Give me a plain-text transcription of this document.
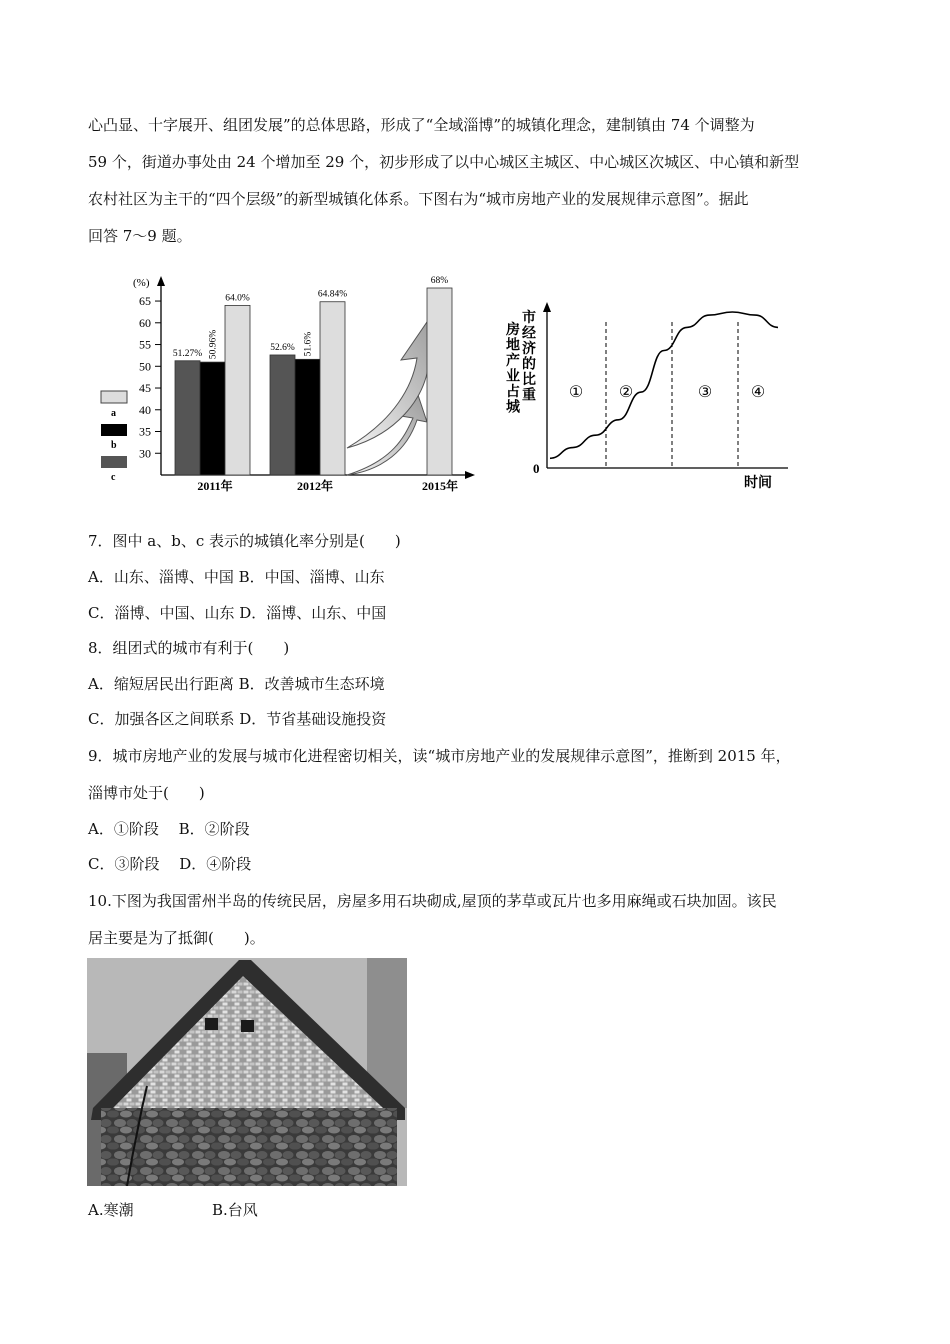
心凸显、十字展开、组团发展”的总体思路，形成了“全域淄博”的城镇化理念，建制镇由 74 个调整为
59 个，街道办事处由 24 个增加至 29 个，初步形成了以中心城区主城区、中心城区次城区、中心镇和新型
农村社区为主干的“四个层级”的新型城镇化体系。下图右为“城市房地产业的发展规律示意图”。据此
回答 7～9 题。
(%)
65
60
55
50
45
40
35
30
a
b
c
51.27% 50.96%
64.0%
52.6% 51.6%
64.84%
68%
2011年	2012年	2015年
0
时间
房
地
产
业
占
城
市
经
济
的
比
重 ① ②	③ ④
7．图中 a、b、c 表示的城镇化率分别是(　　)
A．山东、淄博、中国 B．中国、淄博、山东
C．淄博、中国、山东 D．淄博、山东、中国
8．组团式的城市有利于(　　)
A．缩短居民出行距离 B．改善城市生态环境
C．加强各区之间联系 D．节省基础设施投资
9．城市房地产业的发展与城市化进程密切相关，读“城市房地产业的发展规律示意图”，推断到 2015 年，
淄博市处于(　　)
A．①阶段　 B．②阶段
C．③阶段　 D．④阶段
10.下图为我国雷州半岛的传统民居，房屋多用石块砌成,屋顶的茅草或瓦片也多用麻绳或石块加固。该民
居主要是为了抵御(　　)。
A.寒潮	B.台风
